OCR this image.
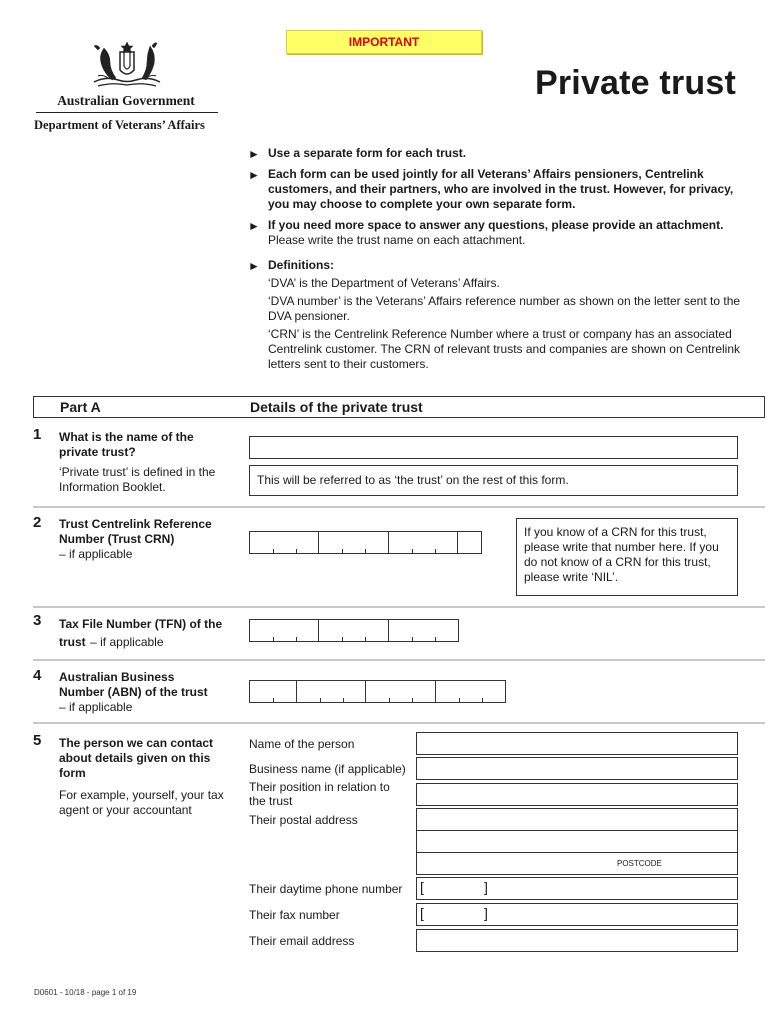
Australian Government
Department of Veterans’ Affairs
IMPORTANT
Private trust
► Use a separate form for each trust.
► Each form can be used jointly for all Veterans’ Affairs pensioners, Centrelink customers, and their partners, who are involved in the trust. However, for privacy, you may choose to complete your own separate form.
► If you need more space to answer any questions, please provide an attachment.
Please write the trust name on each attachment.
► Definitions:
‘DVA’ is the Department of Veterans’ Affairs.
‘DVA number’ is the Veterans’ Affairs reference number as shown on the letter sent to the DVA pensioner.
‘CRN’ is the Centrelink Reference Number where a trust or company has an associated Centrelink customer. The CRN of relevant trusts and companies are shown on Centrelink letters sent to their customers.
Part A	Details of the private trust
1 What is the name of the private trust?
‘Private trust’ is defined in the Information Booklet.	This will be referred to as ‘the trust’ on the rest of this form.
2 Trust Centrelink Reference Number (Trust CRN)
– if applicable
If you know of a CRN for this trust, please write that number here. If you do not know of a CRN for this trust, please write ‘NIL’.
3 Tax File Number (TFN) of the trust – if applicable
4 Australian Business Number (ABN) of the trust
– if applicable
5 The person we can contact about details given on this form
For example, yourself, your tax agent or your accountant
Name of the person
Business name (if applicable)
Their position in relation to the trust
Their postal address
POSTCODE
Their daytime phone number [	]
Their fax number	[	]
Their email address
D0601 - 10/18 - page 1 of 19
